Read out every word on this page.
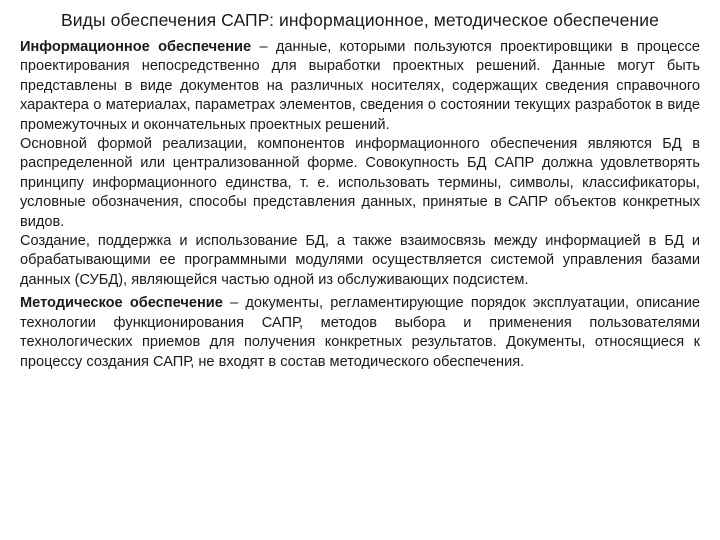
Виды обеспечения САПР: информационное, методическое обеспечение

Информационное обеспечение – данные, которыми пользуются проектировщики в процессе проектирования непосредственно для выработки проектных решений. Данные могут быть представлены в виде документов на различных носителях, содержащих сведения справочного характера о материалах, параметрах элементов, сведения о состоянии текущих разработок в виде промежуточных и окончательных проектных решений.

Основной формой реализации, компонентов информационного обеспечения являются БД в распределенной или централизованной форме. Совокупность БД САПР должна удовлетворять принципу информационного единства, т. е. использовать термины, символы, классификаторы, условные обозначения, способы представления данных, принятые в САПР объектов конкретных видов.

Создание, поддержка и использование БД, а также взаимосвязь между информацией в БД и обрабатывающими ее программными модулями осуществляется системой управления базами данных (СУБД), являющейся частью одной из обслуживающих подсистем.

Методическое обеспечение – документы, регламентирующие порядок эксплуатации, описание технологии функционирования САПР, методов выбора и применения пользователями технологических приемов для получения конкретных результатов. Документы, относящиеся к процессу создания САПР, не входят в состав методического обеспечения.
